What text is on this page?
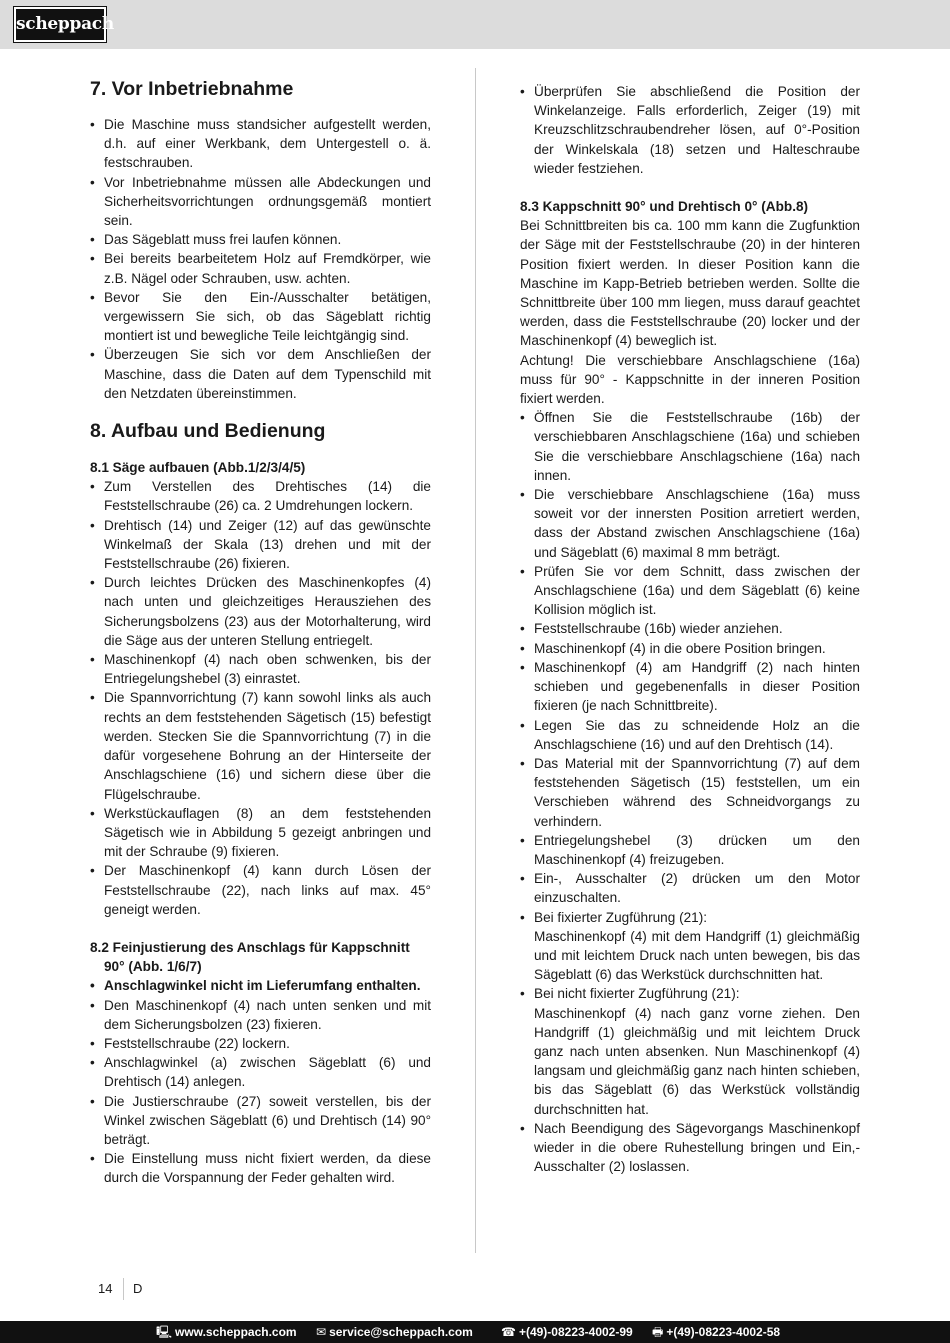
scheppach
7. Vor Inbetriebnahme
• Die Maschine muss standsicher aufgestellt werden, d.h. auf einer Werkbank, dem Untergestell o. ä. festschrauben.
• Vor Inbetriebnahme müssen alle Abdeckungen und Sicherheitsvorrichtungen ordnungsgemäß montiert sein.
• Das Sägeblatt muss frei laufen können.
• Bei bereits bearbeitetem Holz auf Fremdkörper, wie z.B. Nägel oder Schrauben, usw. achten.
• Bevor Sie den Ein-/Ausschalter betätigen, vergewissern Sie sich, ob das Sägeblatt richtig montiert ist und bewegliche Teile leichtgängig sind.
• Überzeugen Sie sich vor dem Anschließen der Maschine, dass die Daten auf dem Typenschild mit den Netzdaten übereinstimmen.
8. Aufbau und Bedienung
8.1 Säge aufbauen (Abb.1/2/3/4/5)
• Zum Verstellen des Drehtisches (14) die Feststellschraube (26) ca. 2 Umdrehungen lockern.
• Drehtisch (14) und Zeiger (12) auf das gewünschte Winkelmaß der Skala (13) drehen und mit der Feststellschraube (26) fixieren.
• Durch leichtes Drücken des Maschinenkopfes (4) nach unten und gleichzeitiges Herausziehen des Sicherungsbolzens (23) aus der Motorhalterung, wird die Säge aus der unteren Stellung entriegelt.
• Maschinenkopf (4) nach oben schwenken, bis der Entriegelungshebel (3) einrastet.
• Die Spannvorrichtung (7) kann sowohl links als auch rechts an dem feststehenden Sägetisch (15) befestigt werden. Stecken Sie die Spannvorrichtung (7) in die dafür vorgesehene Bohrung an der Hinterseite der Anschlagschiene (16) und sichern diese über die Flügelschraube.
• Werkstückauflagen (8) an dem feststehenden Sägetisch wie in Abbildung 5 gezeigt anbringen und mit der Schraube (9) fixieren.
• Der Maschinenkopf (4) kann durch Lösen der Feststellschraube (22), nach links auf max. 45° geneigt werden.
8.2 Feinjustierung des Anschlags für Kappschnitt 90° (Abb. 1/6/7)
• Anschlagwinkel nicht im Lieferumfang enthalten.
• Den Maschinenkopf (4) nach unten senken und mit dem Sicherungsbolzen (23) fixieren.
• Feststellschraube (22) lockern.
• Anschlagwinkel (a) zwischen Sägeblatt (6) und Drehtisch (14) anlegen.
• Die Justierschraube (27) soweit verstellen, bis der Winkel zwischen Sägeblatt (6) und Drehtisch (14) 90° beträgt.
• Die Einstellung muss nicht fixiert werden, da diese durch die Vorspannung der Feder gehalten wird.
• Überprüfen Sie abschließend die Position der Winkelanzeige. Falls erforderlich, Zeiger (19) mit Kreuzschlitzschraubendreher lösen, auf 0°-Position der Winkelskala (18) setzen und Halteschraube wieder festziehen.
8.3 Kappschnitt 90° und Drehtisch 0° (Abb.8)

Bei Schnittbreiten bis ca. 100 mm kann die Zugfunktion der Säge mit der Feststellschraube (20) in der hinteren Position fixiert werden. In dieser Position kann die Maschine im Kapp-Betrieb betrieben werden. Sollte die Schnittbreite über 100 mm liegen, muss darauf geachtet werden, dass die Feststellschraube (20) locker und der Maschinenkopf (4) beweglich ist.

Achtung! Die verschiebbare Anschlagschiene (16a) muss für 90° - Kappschnitte in der inneren Position fixiert werden.

• Öffnen Sie die Feststellschraube (16b) der verschiebbaren Anschlagschiene (16a) und schieben Sie die verschiebbare Anschlagschiene (16a) nach innen.
• Die verschiebbare Anschlagschiene (16a) muss soweit vor der innersten Position arretiert werden, dass der Abstand zwischen Anschlagschiene (16a) und Sägeblatt (6) maximal 8 mm beträgt.
• Prüfen Sie vor dem Schnitt, dass zwischen der Anschlagschiene (16a) und dem Sägeblatt (6) keine Kollision möglich ist.
• Feststellschraube (16b) wieder anziehen.
• Maschinenkopf (4) in die obere Position bringen.
• Maschinenkopf (4) am Handgriff (2) nach hinten schieben und gegebenenfalls in dieser Position fixieren (je nach Schnittbreite).
• Legen Sie das zu schneidende Holz an die Anschlagschiene (16) und auf den Drehtisch (14).
• Das Material mit der Spannvorrichtung (7) auf dem feststehenden Sägetisch (15) feststellen, um ein Verschieben während des Schneidvorgangs zu verhindern.
• Entriegelungshebel (3) drücken um den Maschinenkopf (4) freizugeben.
• Ein-, Ausschalter (2) drücken um den Motor einzuschalten.
• Bei fixierter Zugführung (21):
Maschinenkopf (4) mit dem Handgriff (1) gleichmäßig und mit leichtem Druck nach unten bewegen, bis das Sägeblatt (6) das Werkstück durchschnitten hat.
• Bei nicht fixierter Zugführung (21):
Maschinenkopf (4) nach ganz vorne ziehen. Den Handgriff (1) gleichmäßig und mit leichtem Druck ganz nach unten absenken. Nun Maschinenkopf (4) langsam und gleichmäßig ganz nach hinten schieben, bis das Sägeblatt (6) das Werkstück vollständig durchschnitten hat.
• Nach Beendigung des Sägevorgangs Maschinenkopf wieder in die obere Ruhestellung bringen und Ein,- Ausschalter (2) loslassen.
14 D
🖳 www.scheppach.com ✉ service@scheppach.com ☎ +(49)-08223-4002-99 🖶 +(49)-08223-4002-58
